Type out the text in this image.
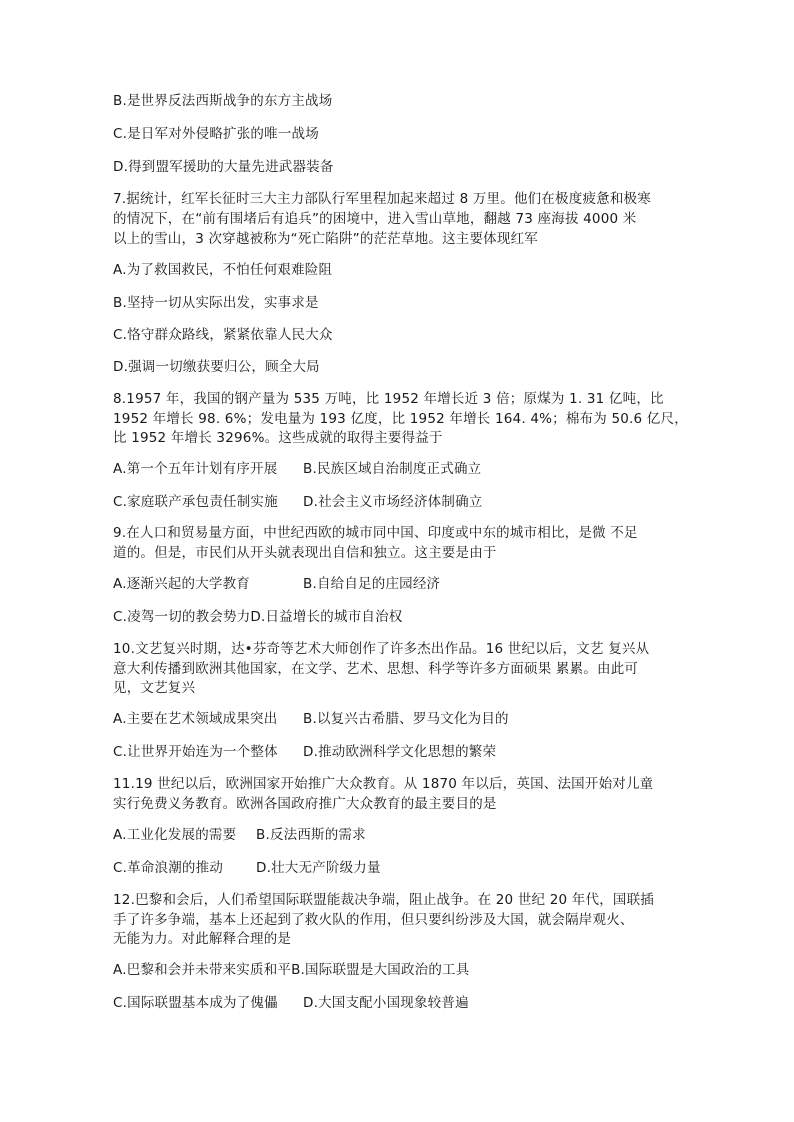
B.是世界反法西斯战争的东方主战场
C.是日军对外侵略扩张的唯一战场
D.得到盟军援助的大量先进武器装备
7.据统计，红军长征时三大主力部队行军里程加起来超过 8 万里。他们在极度疲惫和极寒
的情况下，在“前有围堵后有追兵”的困境中，进入雪山草地，翻越 73 座海拔 4000 米
以上的雪山，3 次穿越被称为“死亡陷阱”的茫茫草地。这主要体现红军
A.为了救国救民，不怕任何艰难险阻
B.坚持一切从实际出发，实事求是
C.恪守群众路线，紧紧依靠人民大众
D.强调一切缴获要归公，顾全大局
8.1957 年，我国的钢产量为 535 万吨，比 1952 年增长近 3 倍；原煤为 1. 31 亿吨，比
1952 年增长 98. 6%；发电量为 193 亿度，比 1952 年增长 164. 4%；棉布为 50.6 亿尺，
比 1952 年增长 3296%。这些成就的取得主要得益于
A.第一个五年计划有序开展 B.民族区域自治制度正式确立
C.家庭联产承包责任制实施 D.社会主义市场经济体制确立
9.在人口和贸易量方面，中世纪西欧的城市同中国、印度或中东的城市相比，是微 不足
道的。但是，市民们从开头就表现出自信和独立。这主要是由于
A.逐渐兴起的大学教育	B.自给自足的庄园经济
C.凌驾一切的教会势力D.日益增长的城市自治权
10.文艺复兴时期，达•芬奇等艺术大师创作了许多杰出作品。16 世纪以后，文艺 复兴从
意大利传播到欧洲其他国家，在文学、艺术、思想、科学等许多方面硕果 累累。由此可
见，文艺复兴
A.主要在艺术领域成果突出 B.以复兴古希腊、罗马文化为目的
C.让世界开始连为一个整体 D.推动欧洲科学文化思想的繁荣
11.19 世纪以后，欧洲国家开始推广大众教育。从 1870 年以后，英国、法国开始对儿童
实行免费义务教育。欧洲各国政府推广大众教育的最主要目的是
A.工业化发展的需要 B.反法西斯的需求
C.革命浪潮的推动 D.壮大无产阶级力量
12.巴黎和会后，人们希望国际联盟能裁决争端，阻止战争。在 20 世纪 20 年代，国联插
手了许多争端，基本上还起到了救火队的作用，但只要纠纷涉及大国，就会隔岸观火、
无能为力。对此解释合理的是
A.巴黎和会并未带来实质和平B.国际联盟是大国政治的工具
C.国际联盟基本成为了傀儡 D.大国支配小国现象较普遍
